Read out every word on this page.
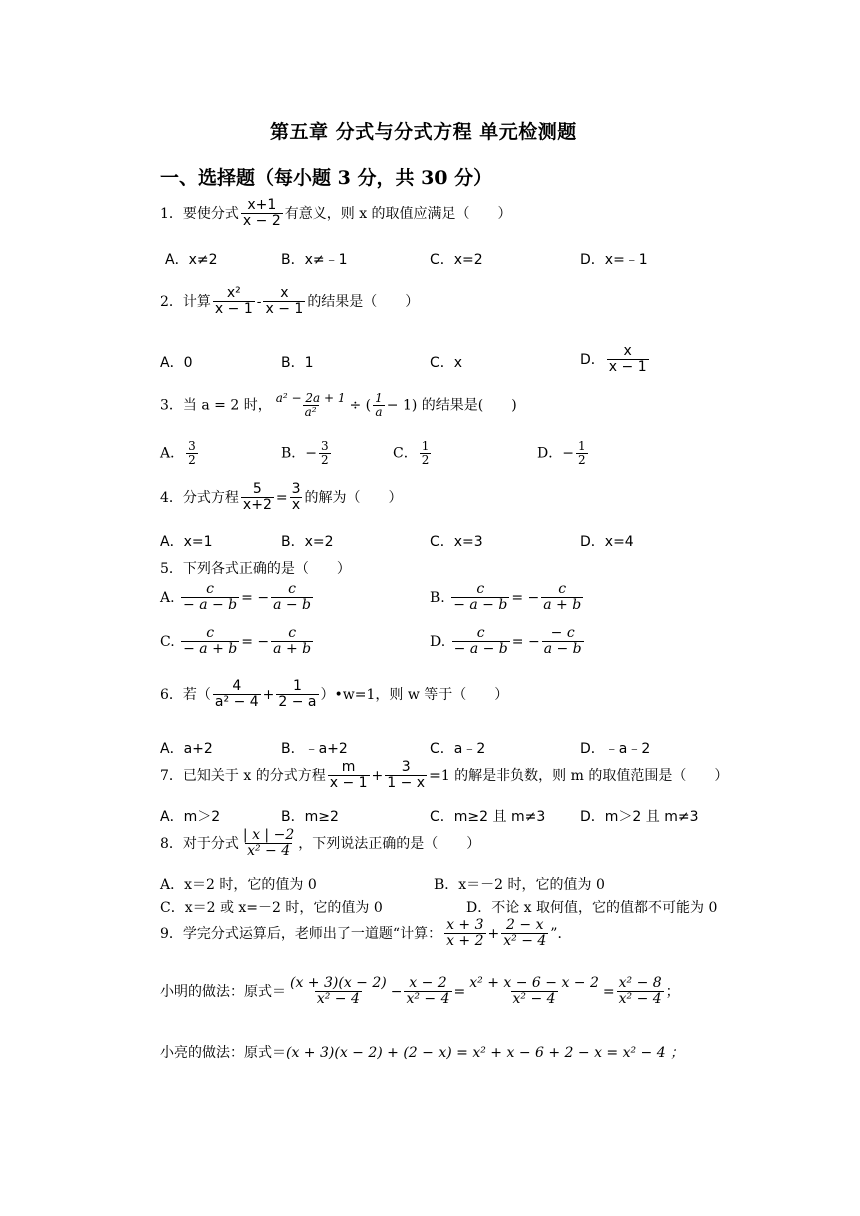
第五章 分式与分式方程 单元检测题
一、选择题（每小题 3 分，共 30 分）
1．要使分式 $\frac{x+1}{x - 2}$ 有意义，则 x 的取值应满足（　　）
A．x≠2	B．x≠﹣1	C．x=2	D．x=﹣1
2．计算 $\frac{\text{x²}}{x - 1} - \frac{x}{x - 1}$ 的结果是（　　）
A．0	B．1	C．x	D． $\frac{x}{x - 1}$
3．当 a = 2 时， $\frac{\text{a² − 2a + 1}}{\text{a²}}$ ÷ ( $\frac{1}{a} - 1$) 的结果是(　　)
A． $\frac{3}{2}$	B．− $\frac{3}{2}$	C． $\frac{1}{2}$	D．− $\frac{1}{2}$
4．分式方程 $\frac{5}{x+2} = \frac{3}{x}$ 的解为（　　）
A．x=1	B．x=2	C．x=3	D．x=4
5．下列各式正确的是（　　）
A. $\frac{c}{- a - b}$ = − $\frac{c}{a - b}$	B. $\frac{c}{- a - b}$ = − $\frac{c}{a + b}$
C. $\frac{c}{- a + b}$ = − $\frac{c}{a + b}$	D. $\frac{c}{- a - b}$ = − $\frac{- c}{a - b}$
6．若（ $\frac{4}{\text{a² − 4}} + \frac{1}{2 - a}$ ）•w=1，则 w 等于（　　）
A．a+2	B．﹣a+2	C．a﹣2	D．﹣a﹣2
7．已知关于 x 的分式方程 $\frac{m}{x - 1} + \frac{3}{1 - x} =1$ 的解是非负数，则 m 的取值范围是（　　）
A．m＞2	B．m≥2	C．m≥2 且 m≠3 D．m＞2 且 m≠3
8．对于分式 $\frac{| x | -2}{\text{x² − 4}}$ ，下列说法正确的是（　　）
A．x＝2 时，它的值为 0	B．x＝－2 时，它的值为 0
C．x＝2 或 x=－2 时，它的值为 0	D．不论 x 取何值，它的值都不可能为 0
9．学完分式运算后，老师出了一道题“计算： $\frac{x + 3}{x + 2} + \frac{2 - x}{\text{x² − 4}}$ ”．
小明的做法：原式＝ $\frac{(x + 3)(x - 2)}{\text{x² − 4}} - \frac{x - 2}{\text{x² − 4}} = \frac{\text{x² + x − 6 − x − 2}}{\text{x² − 4}} = \frac{\text{x² − 8}}{\text{x² − 4}}$ ；
小亮的做法：原式＝(x + 3)(x − 2) + (2 − x) = x² + x − 6 + 2 − x = x² − 4 ；
